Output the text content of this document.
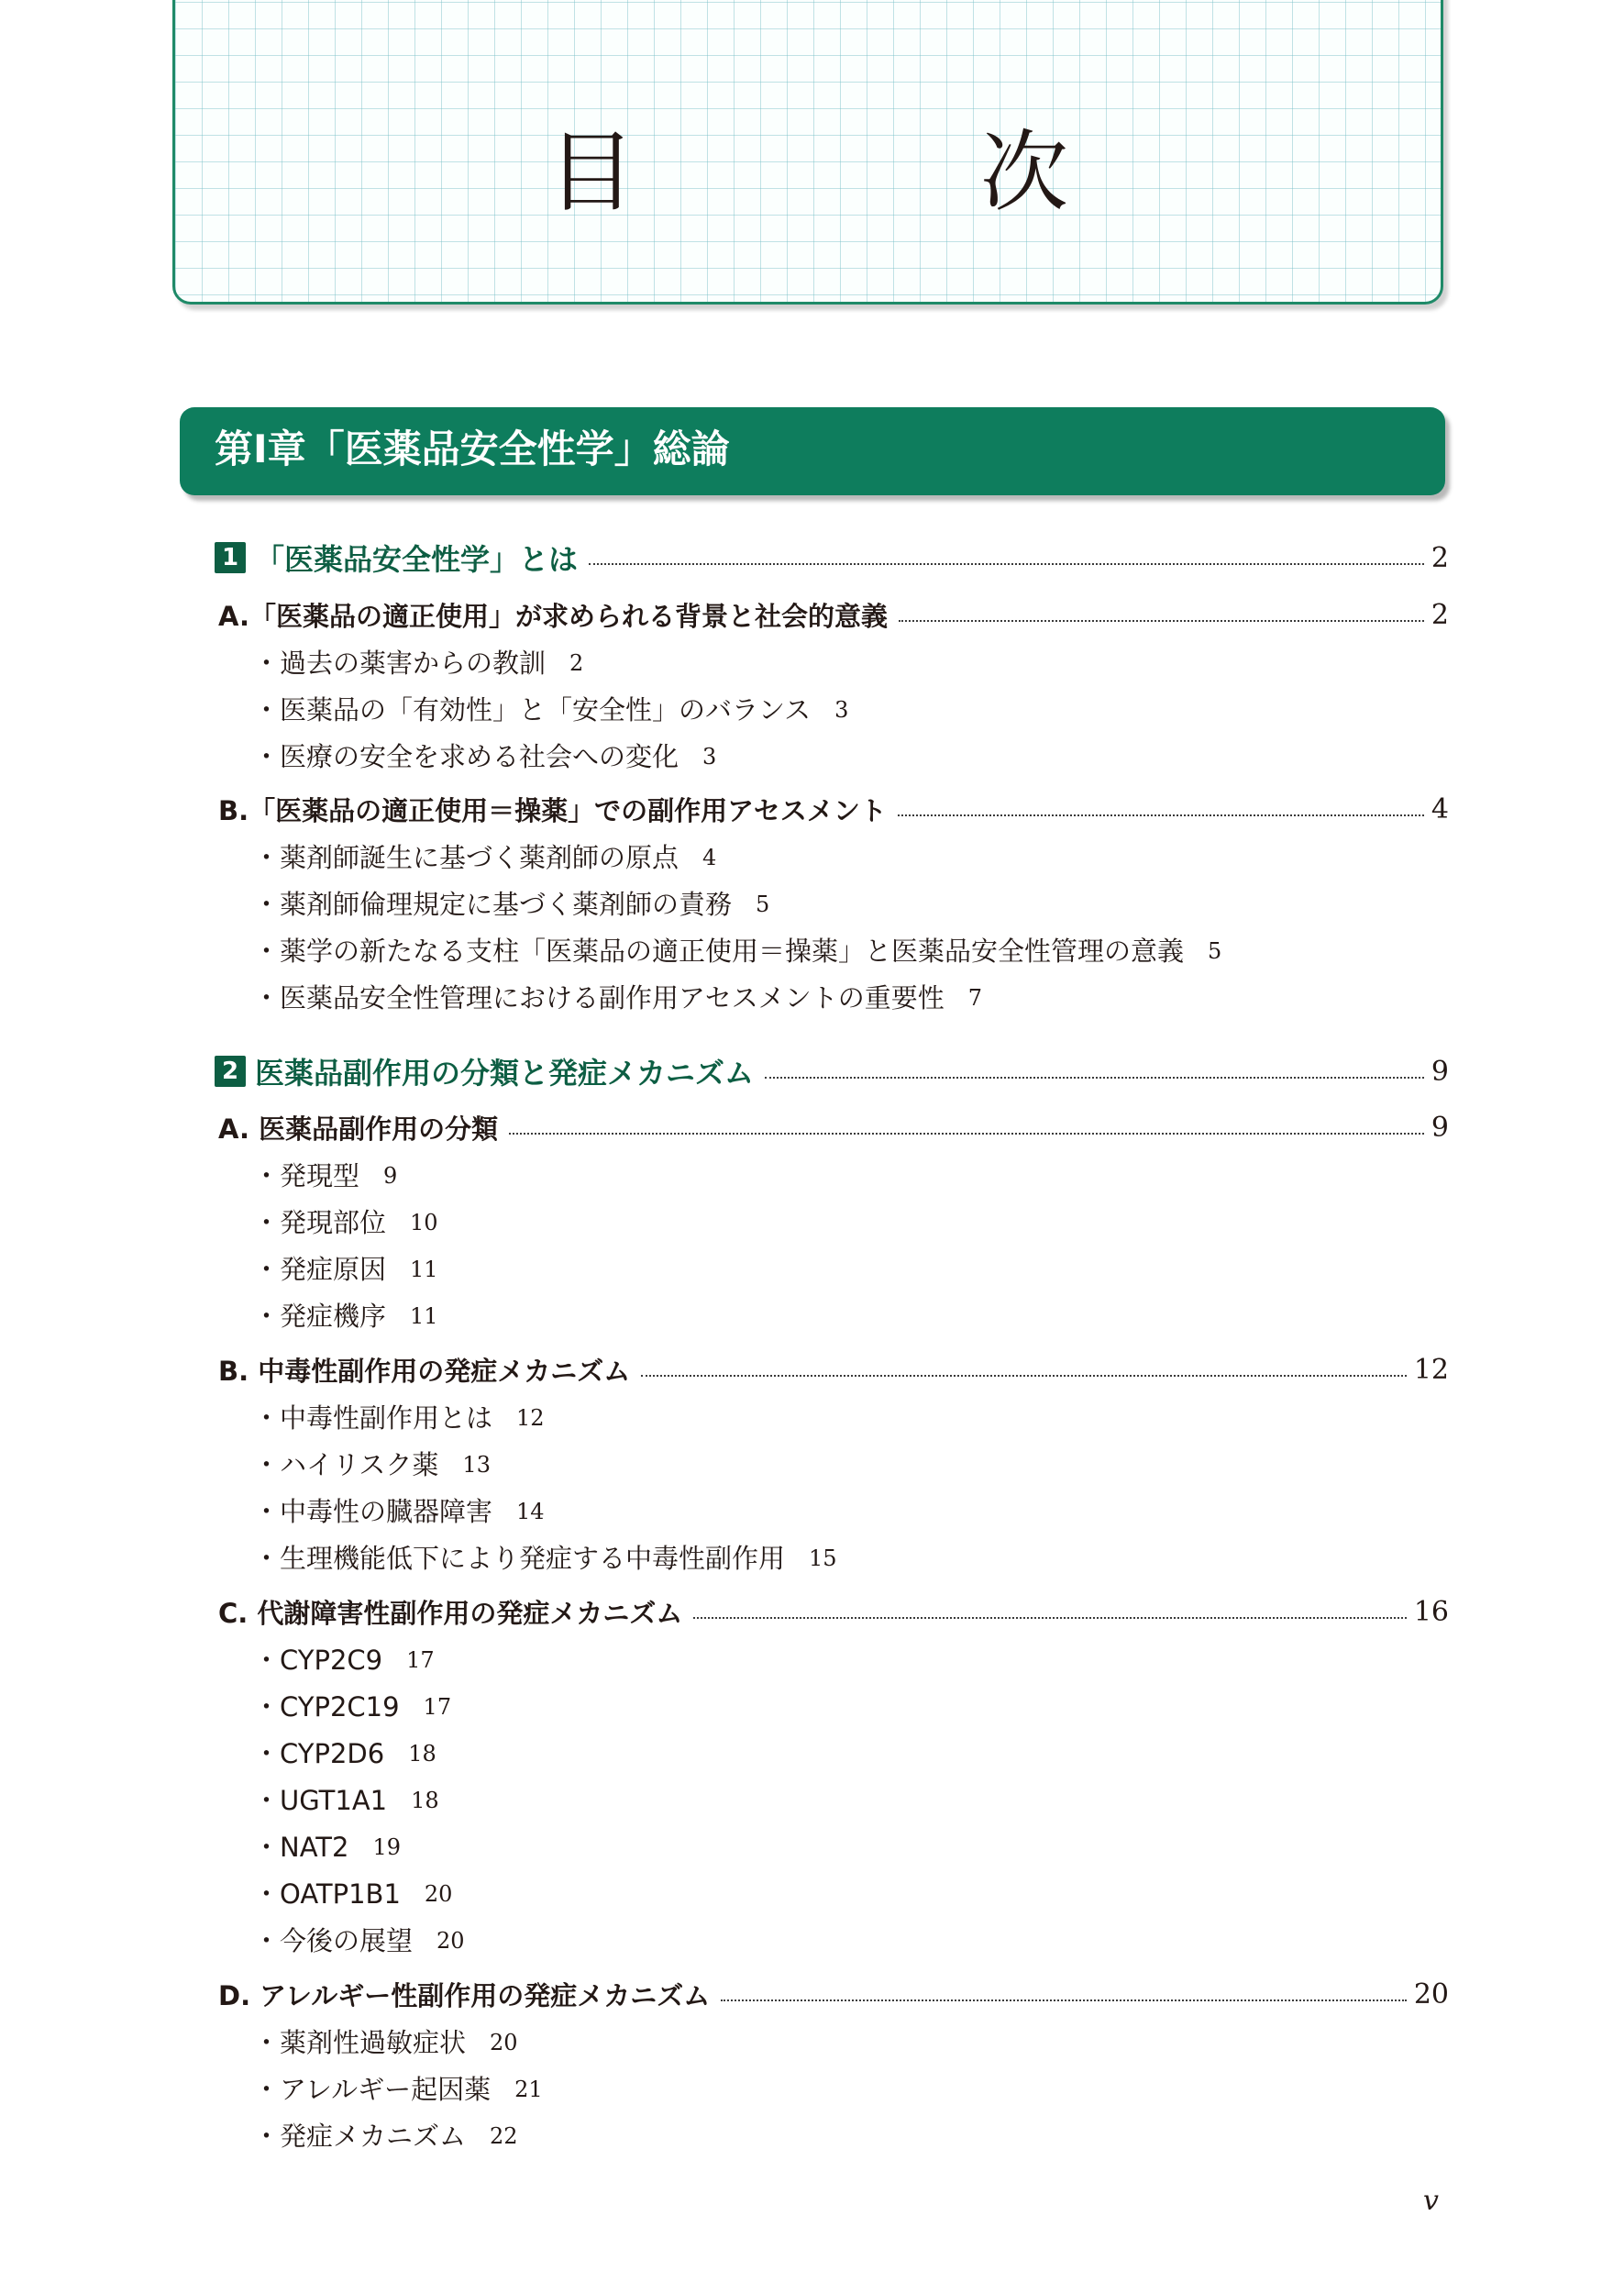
目　次
第Ⅰ章「医薬品安全性学」総論
1 「医薬品安全性学」とは	2
A.「医薬品の適正使用」が求められる背景と社会的意義	2
・過去の薬害からの教訓 2
・医薬品の「有効性」と「安全性」のバランス 3
・医療の安全を求める社会への変化 3
B.「医薬品の適正使用＝操薬」での副作用アセスメント	4
・薬剤師誕生に基づく薬剤師の原点 4
・薬剤師倫理規定に基づく薬剤師の責務 5
・薬学の新たなる支柱「医薬品の適正使用＝操薬」と医薬品安全性管理の意義 5
・医薬品安全性管理における副作用アセスメントの重要性 7
2 医薬品副作用の分類と発症メカニズム	9
A. 医薬品副作用の分類	9
・発現型 9
・発現部位 10
・発症原因 11
・発症機序 11
B. 中毒性副作用の発症メカニズム	12
・中毒性副作用とは 12
・ハイリスク薬 13
・中毒性の臓器障害 14
・生理機能低下により発症する中毒性副作用 15
C. 代謝障害性副作用の発症メカニズム	16
・CYP2C9 17
・CYP2C19 17
・CYP2D6 18
・UGT1A1 18
・NAT2 19
・OATP1B1 20
・今後の展望 20
D. アレルギー性副作用の発症メカニズム	20
・薬剤性過敏症状 20
・アレルギー起因薬 21
・発症メカニズム 22
v
